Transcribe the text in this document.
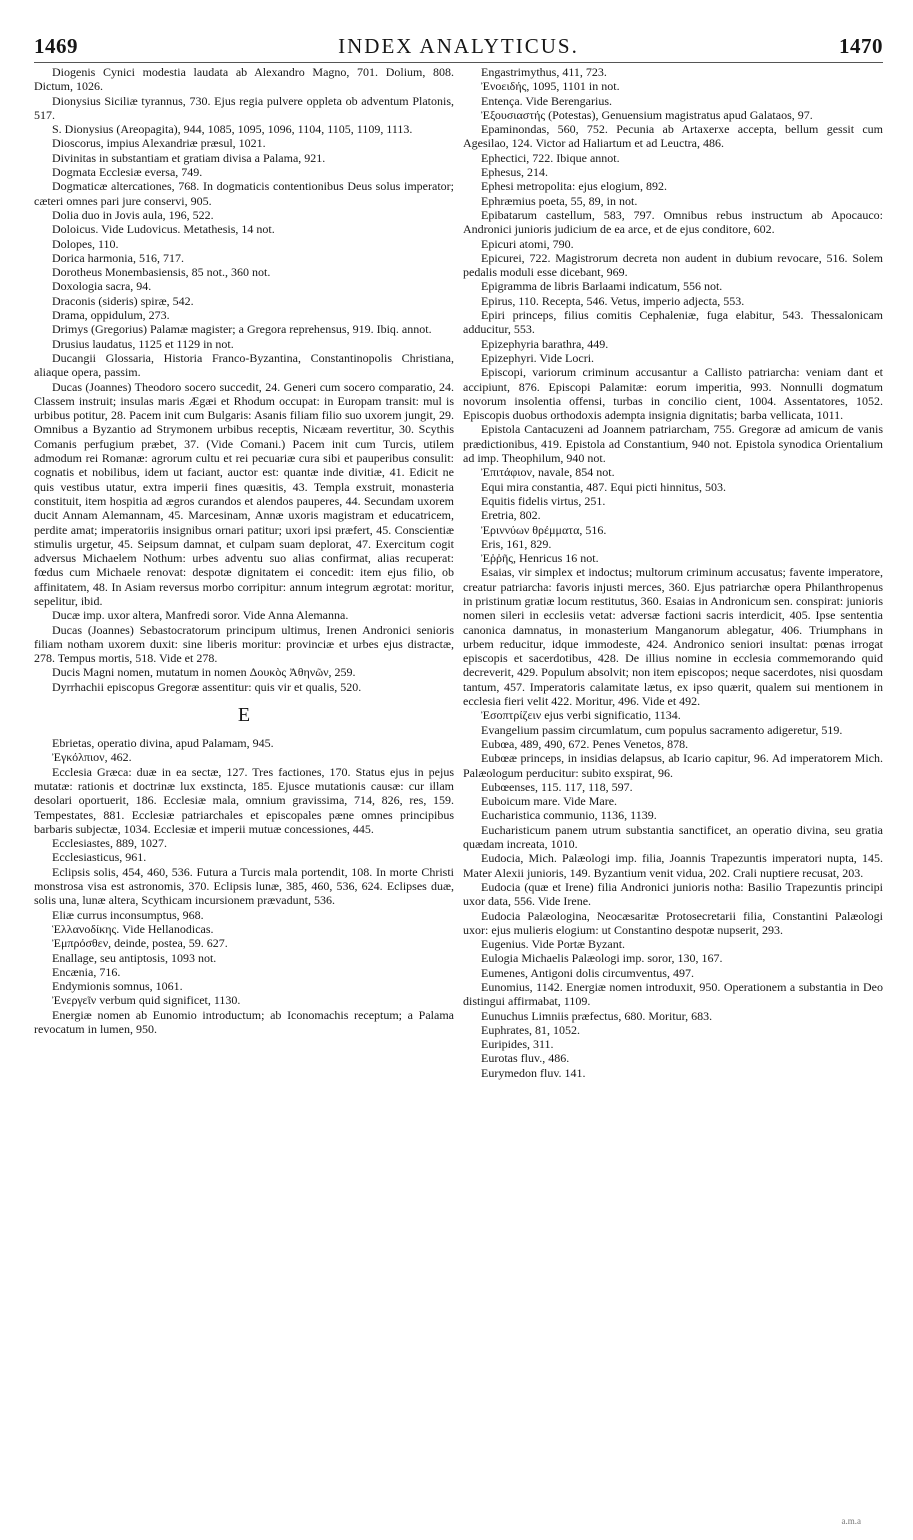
1469	INDEX ANALYTICUS.	1470

Diogenis Cynici modestia laudata ab Alexandro Magno, 701. Dolium, 808. Dictum, 1026.

Dionysius Siciliæ tyrannus, 730. Ejus regia pulvere oppleta ob adventum Platonis, 517.

S. Dionysius (Areopagita), 944, 1085, 1095, 1096, 1104, 1105, 1109, 1113.

Dioscorus, impius Alexandriæ præsul, 1021.

Divinitas in substantiam et gratiam divisa a Palama, 921.

Dogmata Ecclesiæ eversa, 749.

Dogmaticæ altercationes, 768. In dogmaticis contentionibus Deus solus imperator; cæteri omnes pari jure conservi, 905.

Dolia duo in Jovis aula, 196, 522.

Doloicus. Vide Ludovicus. Metathesis, 14 not.

Dolopes, 110.

Dorica harmonia, 516, 717.

Dorotheus Monembasiensis, 85 not., 360 not.

Doxologia sacra, 94.

Draconis (sideris) spiræ, 542.

Drama, oppidulum, 273.

Drimys (Gregorius) Palamæ magister; a Gregora reprehensus, 919. Ibiq. annot.

Drusius laudatus, 1125 et 1129 in not.

Ducangii Glossaria, Historia Franco-Byzantina, Constantinopolis Christiana, aliaque opera, passim.

Ducas (Joannes) Theodoro socero succedit, 24. Generi cum socero comparatio, 24. Classem instruit; insulas maris Ægæi et Rhodum occupat: in Europam transit: mul is urbibus potitur, 28. Pacem init cum Bulgaris: Asanis filiam filio suo uxorem jungit, 29. Omnibus a Byzantio ad Strymonem urbibus receptis, Nicæam revertitur, 30. Scythis Comanis perfugium præbet, 37. (Vide Comani.) Pacem init cum Turcis, utilem admodum rei Romanæ: agrorum cultu et rei pecuariæ cura sibi et pauperibus consulit: cognatis et nobilibus, idem ut faciant, auctor est: quantæ inde divitiæ, 41. Edicit ne quis vestibus utatur, extra imperii fines quæsitis, 43. Templa exstruit, monasteria constituit, item hospitia ad ægros curandos et alendos pauperes, 44. Secundam uxorem ducit Annam Alemannam, 45. Marcesinam, Annæ uxoris magistram et educatricem, perdite amat; imperatoriis insignibus ornari patitur; uxori ipsi præfert, 45. Conscientiæ stimulis urgetur, 45. Seipsum damnat, et culpam suam deplorat, 47. Exercitum cogit adversus Michaelem Nothum: urbes adventu suo alias confirmat, alias recuperat: fœdus cum Michaele renovat: despotæ dignitatem ei concedit: item ejus filio, ob affinitatem, 48. In Asiam reversus morbo corripitur: annum integrum ægrotat: moritur, sepelitur, ibid.

Ducæ imp. uxor altera, Manfredi soror. Vide Anna Alemanna.

Ducas (Joannes) Sebastocratorum principum ultimus, Irenen Andronici senioris filiam notham uxorem duxit: sine liberis moritur: provinciæ et urbes ejus distractæ, 278. Tempus mortis, 518. Vide et 278.

Ducis Magni nomen, mutatum in nomen Δουκὸς Ἀθηνῶν, 259.

Dyrrhachii episcopus Gregoræ assentitur: quis vir et qualis, 520.

E

Ebrietas, operatio divina, apud Palamam, 945.

Ἐγκόλπιον, 462.

Ecclesia Græca: duæ in ea sectæ, 127. Tres factiones, 170. Status ejus in pejus mutatæ: rationis et doctrinæ lux exstincta, 185. Ejusce mutationis causæ: cur illam desolari oportuerit, 186. Ecclesiæ mala, omnium gravissima, 714, 826, res, 159. Tempestates, 881. Ecclesiæ patriarchales et episcopales pæne omnes principibus barbaris subjectæ, 1034. Ecclesiæ et imperii mutuæ concessiones, 445.

Ecclesiastes, 889, 1027.

Ecclesiasticus, 961.

Eclipsis solis, 454, 460, 536. Futura a Turcis mala portendit, 108. In morte Christi monstrosa visa est astronomis, 370. Eclipsis lunæ, 385, 460, 536, 624. Eclipses duæ, solis una, lunæ altera, Scythicam incursionem prævadunt, 536.

Eliæ currus inconsumptus, 968.

Ἑλλανοδίκης. Vide Hellanodicas.

Ἐμπρόσθεν, deinde, postea, 59. 627.

Enallage, seu antiptosis, 1093 not.

Encænia, 716.

Endymionis somnus, 1061.

Ἐνεργεῖν verbum quid significet, 1130.

Energiæ nomen ab Eunomio introductum; ab Iconomachis receptum; a Palama revocatum in lumen, 950.

Engastrimythus, 411, 723.

Ἐνοειδής, 1095, 1101 in not.

Entença. Vide Berengarius.

Ἐξουσιαστής (Potestas), Genuensium magistratus apud Galataos, 97.

Epaminondas, 560, 752. Pecunia ab Artaxerxe accepta, bellum gessit cum Agesilao, 124. Victor ad Haliartum et ad Leuctra, 486.

Ephectici, 722. Ibique annot.

Ephesus, 214.

Ephesi metropolita: ejus elogium, 892.

Ephræmius poeta, 55, 89, in not.

Epibatarum castellum, 583, 797. Omnibus rebus instructum ab Apocauco: Andronici junioris judicium de ea arce, et de ejus conditore, 602.

Epicuri atomi, 790.

Epicurei, 722. Magistrorum decreta non audent in dubium revocare, 516. Solem pedalis moduli esse dicebant, 969.

Epigramma de libris Barlaami indicatum, 556 not.

Epirus, 110. Recepta, 546. Vetus, imperio adjecta, 553.

Epiri princeps, filius comitis Cephaleniæ, fuga elabitur, 543. Thessalonicam adducitur, 553.

Epizephyria barathra, 449.

Epizephyri. Vide Locri.

Episcopi, variorum criminum accusantur a Callisto patriarcha: veniam dant et accipiunt, 876. Episcopi Palamitæ: eorum imperitia, 993. Nonnulli dogmatum novorum insolentia offensi, turbas in concilio cient, 1004. Assentatores, 1052. Episcopis duobus orthodoxis adempta insignia dignitatis; barba vellicata, 1011.

Epistola Cantacuzeni ad Joannem patriarcham, 755. Gregoræ ad amicum de vanis prædictionibus, 419. Epistola ad Constantium, 940 not. Epistola synodica Orientalium ad imp. Theophilum, 940 not.

Ἐπιτάφιον, navale, 854 not.

Equi mira constantia, 487. Equi picti hinnitus, 503.

Equitis fidelis virtus, 251.

Eretria, 802.

Ἐριννύων θρέμματα, 516.

Eris, 161, 829.

Ἐῤῥῆς, Henricus 16 not.

Esaias, vir simplex et indoctus; multorum criminum accusatus; favente imperatore, creatur patriarcha: favoris injusti merces, 360. Ejus patriarchæ opera Philanthropenus in pristinum gratiæ locum restitutus, 360. Esaias in Andronicum sen. conspirat: junioris nomen sileri in ecclesiis vetat: adversæ factioni sacris interdicit, 405. Ipse sententia canonica damnatus, in monasterium Manganorum ablegatur, 406. Triumphans in urbem reducitur, idque immodeste, 424. Andronico seniori insultat: pœnas irrogat episcopis et sacerdotibus, 428. De illius nomine in ecclesia commemorando quid decreverit, 429. Populum absolvit; non item episcopos; neque sacerdotes, nisi quosdam tantum, 457. Imperatoris calamitate lætus, ex ipso quærit, qualem sui mentionem in ecclesia fieri velit 422. Moritur, 496. Vide et 492.

Ἐσοπτρίζειν ejus verbi significatio, 1134.

Evangelium passim circumlatum, cum populus sacramento adigeretur, 519.

Eubœa, 489, 490, 672. Penes Venetos, 878.

Eubœæ princeps, in insidias delapsus, ab Icario capitur, 96. Ad imperatorem Mich. Palæologum perducitur: subito exspirat, 96.

Eubœenses, 115. 117, 118, 597.

Euboicum mare. Vide Mare.

Eucharistica communio, 1136, 1139.

Eucharisticum panem utrum substantia sanctificet, an operatio divina, seu gratia quædam increata, 1010.

Eudocia, Mich. Palæologi imp. filia, Joannis Trapezuntis imperatori nupta, 145. Mater Alexii junioris, 149. Byzantium venit vidua, 202. Crali nuptiere recusat, 203.

Eudocia (quæ et Irene) filia Andronici junioris notha: Basilio Trapezuntis principi uxor data, 556. Vide Irene.

Eudocia Palæologina, Neocæsaritæ Protosecretarii filia, Constantini Palæologi uxor: ejus mulieris elogium: ut Constantino despotæ nupserit, 293.

Eugenius. Vide Portæ Byzant.

Eulogia Michaelis Palæologi imp. soror, 130, 167.

Eumenes, Antigoni dolis circumventus, 497.

Eunomius, 1142. Energiæ nomen introduxit, 950. Operationem a substantia in Deo distingui affirmabat, 1109.

Eunuchus Limniis præfectus, 680. Moritur, 683.

Euphrates, 81, 1052.

Euripides, 311.

Eurotas fluv., 486.

Eurymedon fluv. 141.

a.m.a
